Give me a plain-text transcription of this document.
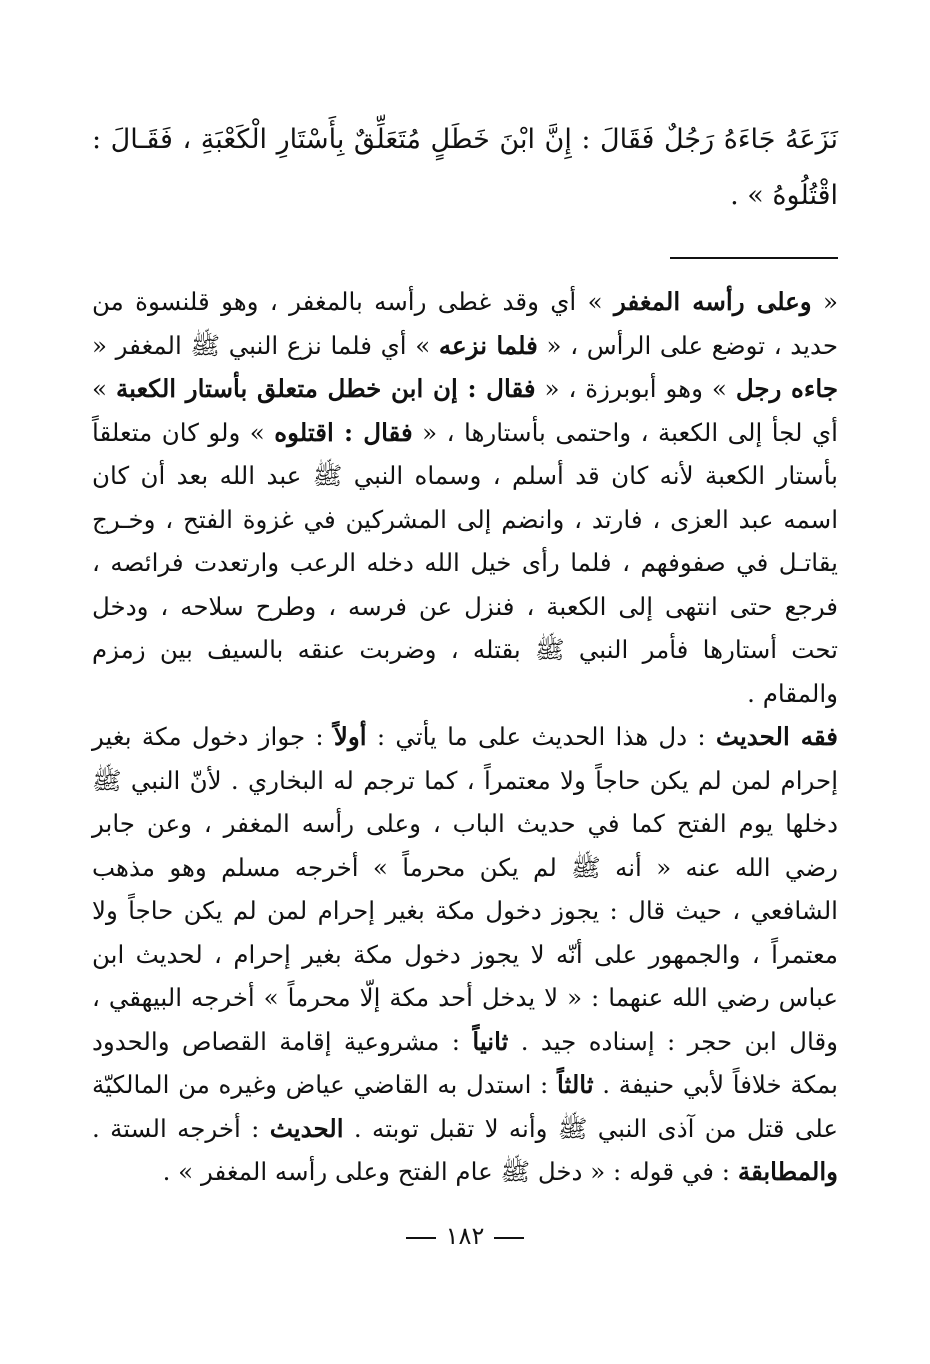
نَزَعَهُ جَاءَهُ رَجُلٌ فَقَالَ : إِنَّ ابْنَ خَطَلٍ مُتَعَلِّقٌ بِأَسْتَارِ الْكَعْبَةِ ، فَقَـالَ : اقْتُلُوهُ » .

« وعلى رأسه المغفر » أي وقد غطى رأسه بالمغفر ، وهو قلنسوة من حديد ، توضع على الرأس ، « فلما نزعه » أي فلما نزع النبي ﷺ المغفر « جاءه رجل » وهو أبوبرزة ، « فقال : إن ابن خطل متعلق بأستار الكعبة » أي لجأ إلى الكعبة ، واحتمى بأستارها ، « فقال : اقتلوه » ولو كان متعلقاً بأستار الكعبة لأنه كان قد أسلم ، وسماه النبي ﷺ عبد الله بعد أن كان اسمه عبد العزى ، فارتد ، وانضم إلى المشركين في غزوة الفتح ، وخـرج يقاتـل في صفوفهم ، فلما رأى خيل الله دخله الرعب وارتعدت فرائصه ، فرجع حتى انتهى إلى الكعبة ، فنزل عن فرسه ، وطرح سلاحه ، ودخل تحت أستارها فأمر النبي ﷺ بقتله ، وضربت عنقه بالسيف بين زمزم والمقام .

فقه الحديث : دل هذا الحديث على ما يأتي : أولاً : جواز دخول مكة بغير إحرام لمن لم يكن حاجاً ولا معتمراً ، كما ترجم له البخاري . لأنّ النبي ﷺ دخلها يوم الفتح كما في حديث الباب ، وعلى رأسه المغفر ، وعن جابر رضي الله عنه « أنه ﷺ لم يكن محرماً » أخرجه مسلم وهو مذهب الشافعي ، حيث قال : يجوز دخول مكة بغير إحرام لمن لم يكن حاجاً ولا معتمراً ، والجمهور على أنّه لا يجوز دخول مكة بغير إحرام ، لحديث ابن عباس رضي الله عنهما : « لا يدخل أحد مكة إلّا محرماً » أخرجه البيهقي ، وقال ابن حجر : إسناده جيد . ثانياً : مشروعية إقامة القصاص والحدود بمكة خلافاً لأبي حنيفة . ثالثاً : استدل به القاضي عياض وغيره من المالكيّة على قتل من آذى النبي ﷺ وأنه لا تقبل توبته . الحديث : أخرجه الستة . والمطابقة : في قوله : « دخل ﷺ عام الفتح وعلى رأسه المغفر » .

١٨٢
